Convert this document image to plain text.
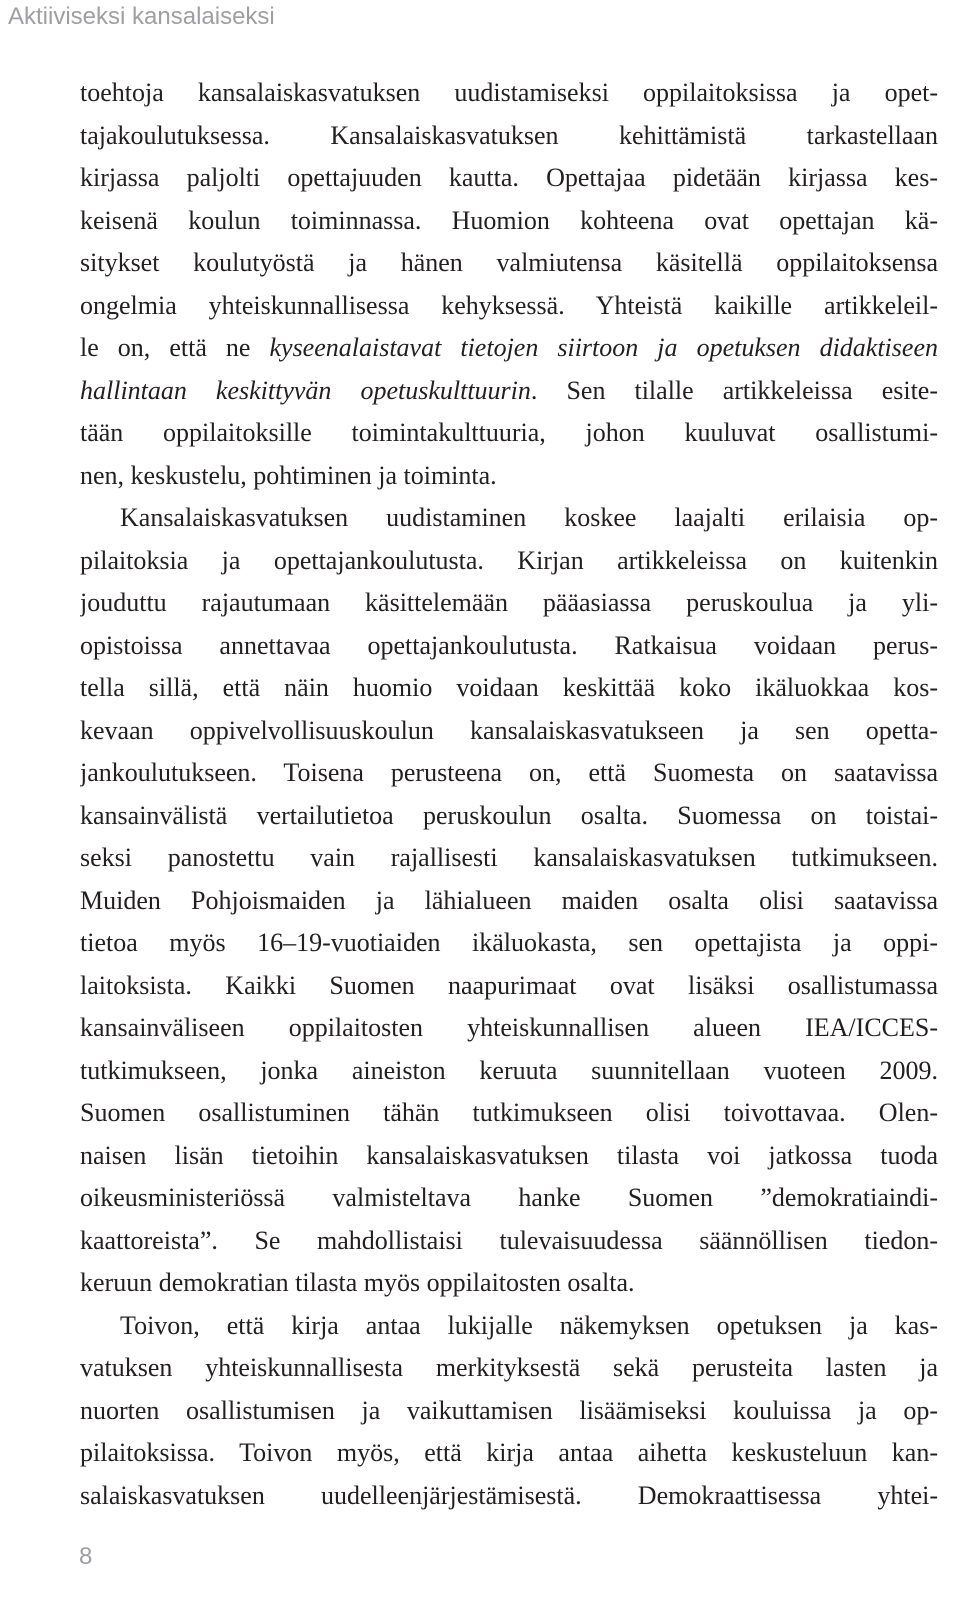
Aktiiviseksi kansalaiseksi
toehtoja kansalaiskasvatuksen uudistamiseksi oppilaitoksissa ja opet-
tajakoulutuksessa. Kansalaiskasvatuksen kehittämistä tarkastellaan
kirjassa paljolti opettajuuden kautta. Opettajaa pidetään kirjassa kes-
keisenä koulun toiminnassa. Huomion kohteena ovat opettajan kä-
sitykset koulutyöstä ja hänen valmiutensa käsitellä oppilaitoksensa
ongelmia yhteiskunnallisessa kehyksessä. Yhteistä kaikille artikkeleil-
le on, että ne kyseenalaistavat tietojen siirtoon ja opetuksen didaktiseen
hallintaan keskittyvän opetuskulttuurin. Sen tilalle artikkeleissa esite-
tään oppilaitoksille toimintakulttuuria, johon kuuluvat osallistumi-
nen, keskustelu, pohtiminen ja toiminta.
Kansalaiskasvatuksen uudistaminen koskee laajalti erilaisia op-
pilaitoksia ja opettajankoulutusta. Kirjan artikkeleissa on kuitenkin
jouduttu rajautumaan käsittelemään pääasiassa peruskoulua ja yli-
opistoissa annettavaa opettajankoulutusta. Ratkaisua voidaan perus-
tella sillä, että näin huomio voidaan keskittää koko ikäluokkaa kos-
kevaan oppivelvollisuuskoulun kansalaiskasvatukseen ja sen opetta-
jankoulutukseen. Toisena perusteena on, että Suomesta on saatavissa
kansainvälistä vertailutietoa peruskoulun osalta. Suomessa on toistai-
seksi panostettu vain rajallisesti kansalaiskasvatuksen tutkimukseen.
Muiden Pohjoismaiden ja lähialueen maiden osalta olisi saatavissa
tietoa myös 16–19-vuotiaiden ikäluokasta, sen opettajista ja oppi-
laitoksista. Kaikki Suomen naapurimaat ovat lisäksi osallistumassa
kansainväliseen oppilaitosten yhteiskunnallisen alueen IEA/ICCES-
tutkimukseen, jonka aineiston keruuta suunnitellaan vuoteen 2009.
Suomen osallistuminen tähän tutkimukseen olisi toivottavaa. Olen-
naisen lisän tietoihin kansalaiskasvatuksen tilasta voi jatkossa tuoda
oikeusministeriössä valmisteltava hanke Suomen ”demokratiaindi-
kaattoreista”. Se mahdollistaisi tulevaisuudessa säännöllisen tiedon-
keruun demokratian tilasta myös oppilaitosten osalta.
Toivon, että kirja antaa lukijalle näkemyksen opetuksen ja kas-
vatuksen yhteiskunnallisesta merkityksestä sekä perusteita lasten ja
nuorten osallistumisen ja vaikuttamisen lisäämiseksi kouluissa ja op-
pilaitoksissa. Toivon myös, että kirja antaa aihetta keskusteluun kan-
salaiskasvatuksen uudelleenjärjestämisestä. Demokraattisessa yhtei-
8
